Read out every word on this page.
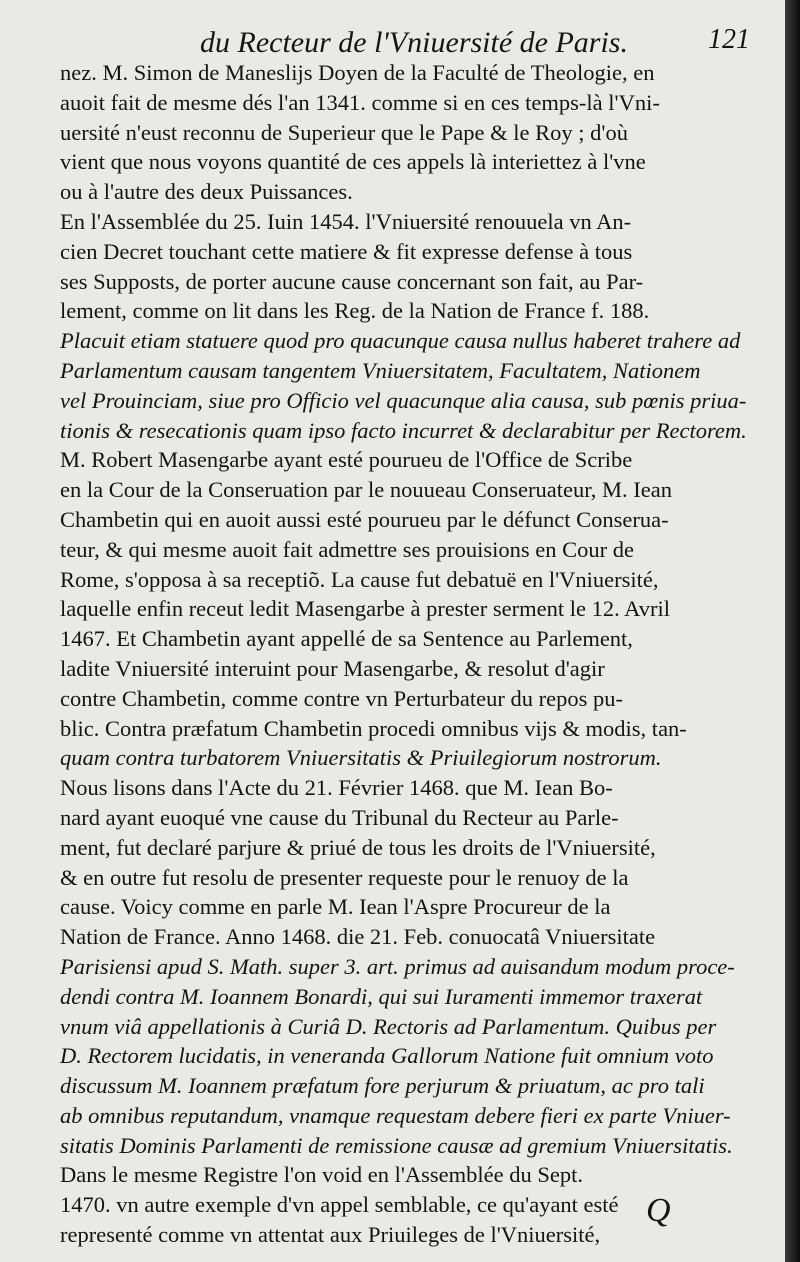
du Recteur de l'Vniuersité de Paris.	121
nez. M. Simon de Maneslijs Doyen de la Faculté de Theologie, en
auoit fait de mesme dés l'an 1341. comme si en ces temps-là l'Vni-
uersité n'eust reconnu de Superieur que le Pape & le Roy ; d'où
vient que nous voyons quantité de ces appels là interiettez à l'vne
ou à l'autre des deux Puissances.
En l'Assemblée du 25. Iuin 1454. l'Vniuersité renouuela vn An-
cien Decret touchant cette matiere & fit expresse defense à tous
ses Supposts, de porter aucune cause concernant son fait, au Par-
lement, comme on lit dans les Reg. de la Nation de France f. 188.
Placuit etiam statuere quod pro quacunque causa nullus haberet trahere ad
Parlamentum causam tangentem Vniuersitatem, Facultatem, Nationem
vel Prouinciam, siue pro Officio vel quacunque alia causa, sub pœnis priua-
tionis & resecationis quam ipso facto incurret & declarabitur per Rectorem.
M. Robert Masengarbe ayant esté pourueu de l'Office de Scribe
en la Cour de la Conseruation par le nouueau Conseruateur, M. Iean
Chambetin qui en auoit aussi esté pourueu par le défunct Conserua-
teur, & qui mesme auoit fait admettre ses prouisions en Cour de
Rome, s'opposa à sa receptiõ. La cause fut debatuë en l'Vniuersité,
laquelle enfin receut ledit Masengarbe à prester serment le 12. Avril
1467. Et Chambetin ayant appellé de sa Sentence au Parlement,
ladite Vniuersité interuint pour Masengarbe, & resolut d'agir
contre Chambetin, comme contre vn Perturbateur du repos pu-
blic. Contra præfatum Chambetin procedi omnibus vijs & modis, tan-
quam contra turbatorem Vniuersitatis & Priuilegiorum nostrorum.
Nous lisons dans l'Acte du 21. Février 1468. que M. Iean Bo-
nard ayant euoqué vne cause du Tribunal du Recteur au Parle-
ment, fut declaré parjure & priué de tous les droits de l'Vniuersité,
& en outre fut resolu de presenter requeste pour le renuoy de la
cause. Voicy comme en parle M. Iean l'Aspre Procureur de la
Nation de France. Anno 1468. die 21. Feb. conuocatâ Vniuersitate
Parisiensi apud S. Math. super 3. art. primus ad auisandum modum proce-
dendi contra M. Ioannem Bonardi, qui sui Iuramenti immemor traxerat
vnum viâ appellationis à Curiâ D. Rectoris ad Parlamentum. Quibus per
D. Rectorem lucidatis, in veneranda Gallorum Natione fuit omnium voto
discussum M. Ioannem præfatum fore perjurum & priuatum, ac pro tali
ab omnibus reputandum, vnamque requestam debere fieri ex parte Vniuer-
sitatis Dominis Parlamenti de remissione causæ ad gremium Vniuersitatis.
Dans le mesme Registre l'on void en l'Assemblée du Sept.
1470. vn autre exemple d'vn appel semblable, ce qu'ayant esté
representé comme vn attentat aux Priuileges de l'Vniuersité,
Q
